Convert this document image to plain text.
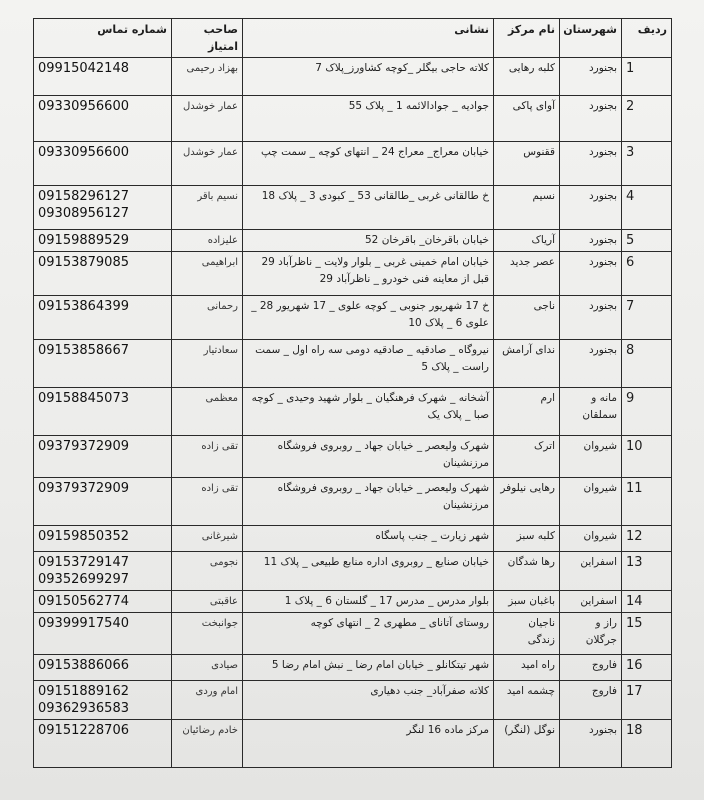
ردیف	شهرستان	نام مرکز	نشانی	صاحب امتیاز	شماره تماس
1	بجنورد	کلبه رهایی	کلاته حاجی بیگلر _کوچه کشاورز_پلاک 7	بهزاد رحیمی	09915042148

2	بجنورد	آوای پاکی	جوادیه _ جوادالائمه 1 _ پلاک 55	عمار خوشدل	09330956600

3	بجنورد	ققنوس	خیابان معراج_ معراج 24 _ انتهای کوچه _ سمت چپ	عمار خوشدل	09330956600

4	بجنورد	نسیم	خ طالقانی غربی _طالقانی 53 _ کبودی 3 _ پلاک 18	نسیم باقر	09158296127
09308956127

5	بجنورد	آریاک	خیابان باقرخان_ باقرخان 52	علیزاده	09159889529

6	بجنورد	عصر جدید	خیابان امام خمینی غربی _ بلوار ولایت _ ناظرآباد 29 قبل از معاینه فنی خودرو _ ناظرآباد 29	ابراهیمی	09153879085

7	بجنورد	ناجی	خ 17 شهریور جنوبی _ کوچه علوی _ 17 شهریور 28 _ علوی 6 _ پلاک 10	رحمانی	09153864399

8	بجنورد	ندای آرامش	نیروگاه _ صادقیه _ صادقیه دومی سه راه اول _ سمت راست _ پلاک 5	سعادتیار	09153858667

9	مانه و سملقان	ارم	آشخانه _ شهرک فرهنگیان _ بلوار شهید وحیدی _ کوچه صبا _ پلاک یک	معظمی	09158845073

10	شیروان	اترک	شهرک ولیعصر _ خیابان جهاد _ روبروی فروشگاه مرزنشینان	تقی زاده	09379372909

11	شیروان	رهایی نیلوفر	شهرک ولیعصر _ خیابان جهاد _ روبروی فروشگاه مرزنشینان	تقی زاده	09379372909

12	شیروان	کلبه سبز	شهر زیارت _ جنب پاسگاه	شیرغانی	09159850352

13	اسفراین	رها شدگان	خیابان صنایع _ روبروی اداره منابع طبیعی _ پلاک 11	نجومی	09153729147
09352699297

14	اسفراین	باغبان سبز	بلوار مدرس _ مدرس 17 _ گلستان 6 _ پلاک 1	عاقبتی	09150562774

15	راز و جرگلان	ناجیان زندگی	روستای آتانای _ مطهری 2 _ انتهای کوچه	جوانبخت	09399917540

16	فاروج	راه امید	شهر تیتکانلو _ خیابان امام رضا _ نبش امام رضا 5	صیادی	09153886066

17	فاروج	چشمه امید	کلاته صفرآباد_ جنب دهیاری	امام وردی	09151889162
09362936583

18	بجنورد	نوگل (لنگر)	مرکز ماده 16 لنگر	خادم رضائیان	09151228706
